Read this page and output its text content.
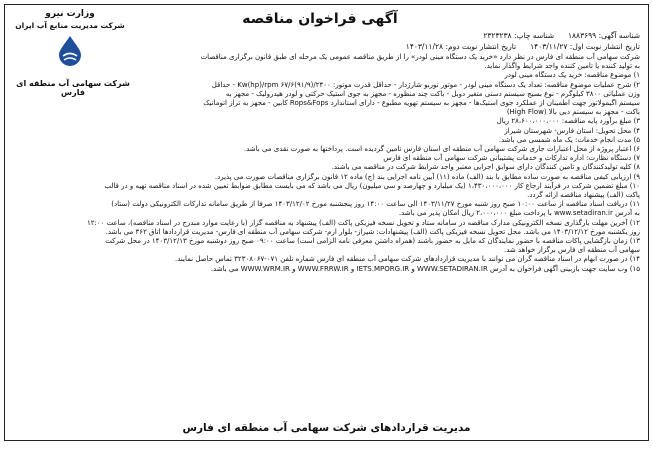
آگهی فراخوان مناقصه
وزارت نیرو
شرکت مدیریت منابع آب ایران
شناسه آگهی: ۱۸۸۳۶۹۹شناسه چاپ: ۲۳۲۳۲۳۸
تاریخ انتشار نوبت اول: ۱۴۰۳/۱۱/۲۷تاریخ انتشار نوبت دوم: ۱۴۰۳/۱۱/۲۸
شرکت سهامی آب منطقه ای فارس

شرکت سهامی آب منطقه ای فارس در نظر دارد «خرید یک دستگاه مینی لودر» را از طریق مناقصه عمومی یک مرحله ای طبق قانون برگزاری مناقصات

به تولید کننده یا تامین کننده واجد شرایط واگذار نماید.

۱) موضوع مناقصه: خرید یک دستگاه مینی لودر

۲) شرح عملیات موضوع مناقصه: تعداد یک دستگاه مینی لودر - موتور توربو شارژدار - حداقل قدرت موتور: Kw(hp)/rpm ۶۷/۶(۹۱/۹)/۲۴۰۰ - حداقل

وزن عملیاتی ۳۸۰۰ کیلوگرم - نوع بسیج سیستم دستی متغیر دوبل - باکت چند منظوره - مجهز به جوی استیک حرکتی و لودر هیدرولیک - مجهز به

سیستم اگیمولاتور جهت اطمینان از عملکرد جوی استیک‌ها - مجهز به سیستم تهویه مطبوع - دارای استاندارد Rops&Fops کابین - مجهز به تراز اتوماتیک

باکت - مجهز به سیستم دبی بالا (High Flow)

۳) مبلغ برآورد پایه مناقصه: ۲۸،۶۰۰،۰۰۰،۰۰۰ ریال

۴) محل تحویل: استان فارس- شهرستان شیراز

۵) مدت انجام خدمات: یک ماه شمسی می باشد.

۶) اعتبار پروژه از محل اعتبارات جاری شرکت سهامی آب منطقه ای استان فارس تامین گردیده است. پرداختها به صورت نقدی می باشد.

۷) دستگاه نظارت: اداره تدارکات و خدمات پشتیبانی شرکت سهامی آب منطقه ای فارس

۸) کلیه تولیدکنندگان و تامین کنندگان دارای سوابق اجرایی معتبر واجد شرایط شرکت در مناقصه می باشند.

۹) ارزیابی کیفی مناقصه به صورت ساده مطابق با بند (الف) ماده (۱۱) آیین نامه اجرایی بند (ج) ماده ۱۲ قانون برگزاری مناقصات صورت می پذیرد.

۱۰) مبلغ تضمین شرکت در فرآیند ارجاع کار ۱،۴۳۰،۰۰۰،۰۰۰ (یک میلیارد و چهارصد و سی میلیون) ریال می باشد که می بایست مطابق ضوابط تعیین شده در اسناد مناقصه تهیه و در قالب

پاکت (الف) پیشنهاد مناقصه ارائه گردد.

۱۱) دریافت اسناد مناقصه از ساعت ۱۰:۰۰ صبح روز شنبه مورخ ۱۴۰۳/۱۱/۲۷ الی ساعت ۱۴:۰۰ روز پنجشنبه مورخ ۱۴۰۳/۱۲/۰۲ صرفا از طریق سامانه تدارکات الکترونیکی دولت (ستاد)

به آدرس www.setadiran.ir با پرداخت مبلغ ۲،۰۰۰،۰۰۰ ریال امکان پذیر می باشد.

۱۲) آخرین مهلت بارگذاری نسخه الکترونیکی مدارک مناقصه در سامانه ستاد و تحویل نسخه فیزیکی پاکت (الف) پیشنهاد به مناقصه گزار (با رعایت موارد مندرج در اسناد مناقصه)، ساعت ۱۲:۰۰

روز یکشنبه مورخ ۱۴۰۳/۱۲/۱۲ می باشد. محل تحویل نسخه فیزیکی پاکت (الف) پیشنهادات: شیراز- بلوار ارم- شرکت سهامی آب منطقه ای فارس- مدیریت قراردادها اتاق ۳۶۲ می باشد.

۱۳) زمان بازگشایی پاکات مناقصه با حضور نمایندگان که مایل به حضور باشند (همراه داشتن معرفی نامه الزامی است) ساعت ۰۹:۰۰ صبح روز دوشنبه مورخ ۱۴۰۳/۱۲/۱۳ در محل شرکت

سهامی آب منطقه ای فارس برگزار خواهد شد.

۱۴) در صورت ابهام در اسناد مناقصه گران می توانند با مدیریت قراردادهای شرکت سهامی آب منطقه ای فارس شماره تلفن ۰۷۱-۳۲۳۰۸۰۶۷ تماس حاصل نمایند.

۱۵) وب سایت جهت بازبینی آگهی فراخوان به آدرس WWW.SETADIRAN.IR و IETS.MPORG.IR و WWW.FRRW.IR و WWW.WRM.IR می باشد.

مدیریت قراردادهای شرکت سهامی آب منطقه ای فارس
